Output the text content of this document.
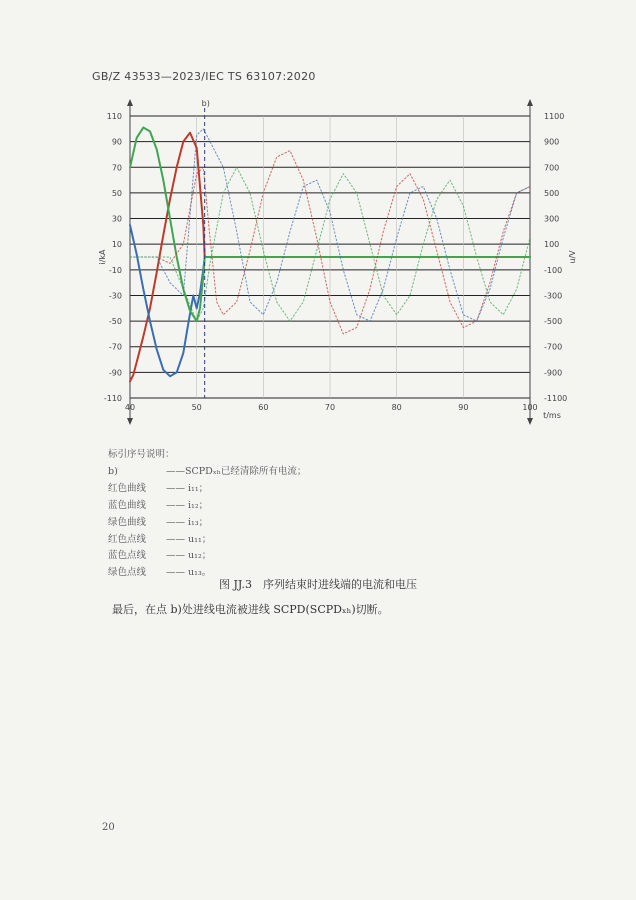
GB/Z 43533—2023/IEC TS 63107:2020
b)
-110
-90
-70
-50
-30
-10
10
30
50
70
90
110
-1100
-900
-700
-500
-300
-100
100
300
500
700
900
1100
40	50	60	70	80	90	100
i/kA	u/V
t/ms
标引序号说明：
b)	——SCPDₓₕ已经清除所有电流；
红色曲线 —— i₁₁；
蓝色曲线 —— i₁₂；
绿色曲线 —— i₁₃；
红色点线 —— u₁₁；
蓝色点线 —— u₁₂；
绿色点线 —— u₁₃。
图 JJ.3　序列结束时进线端的电流和电压
最后，在点 b)处进线电流被进线 SCPD(SCPDₓₕ)切断。
20
